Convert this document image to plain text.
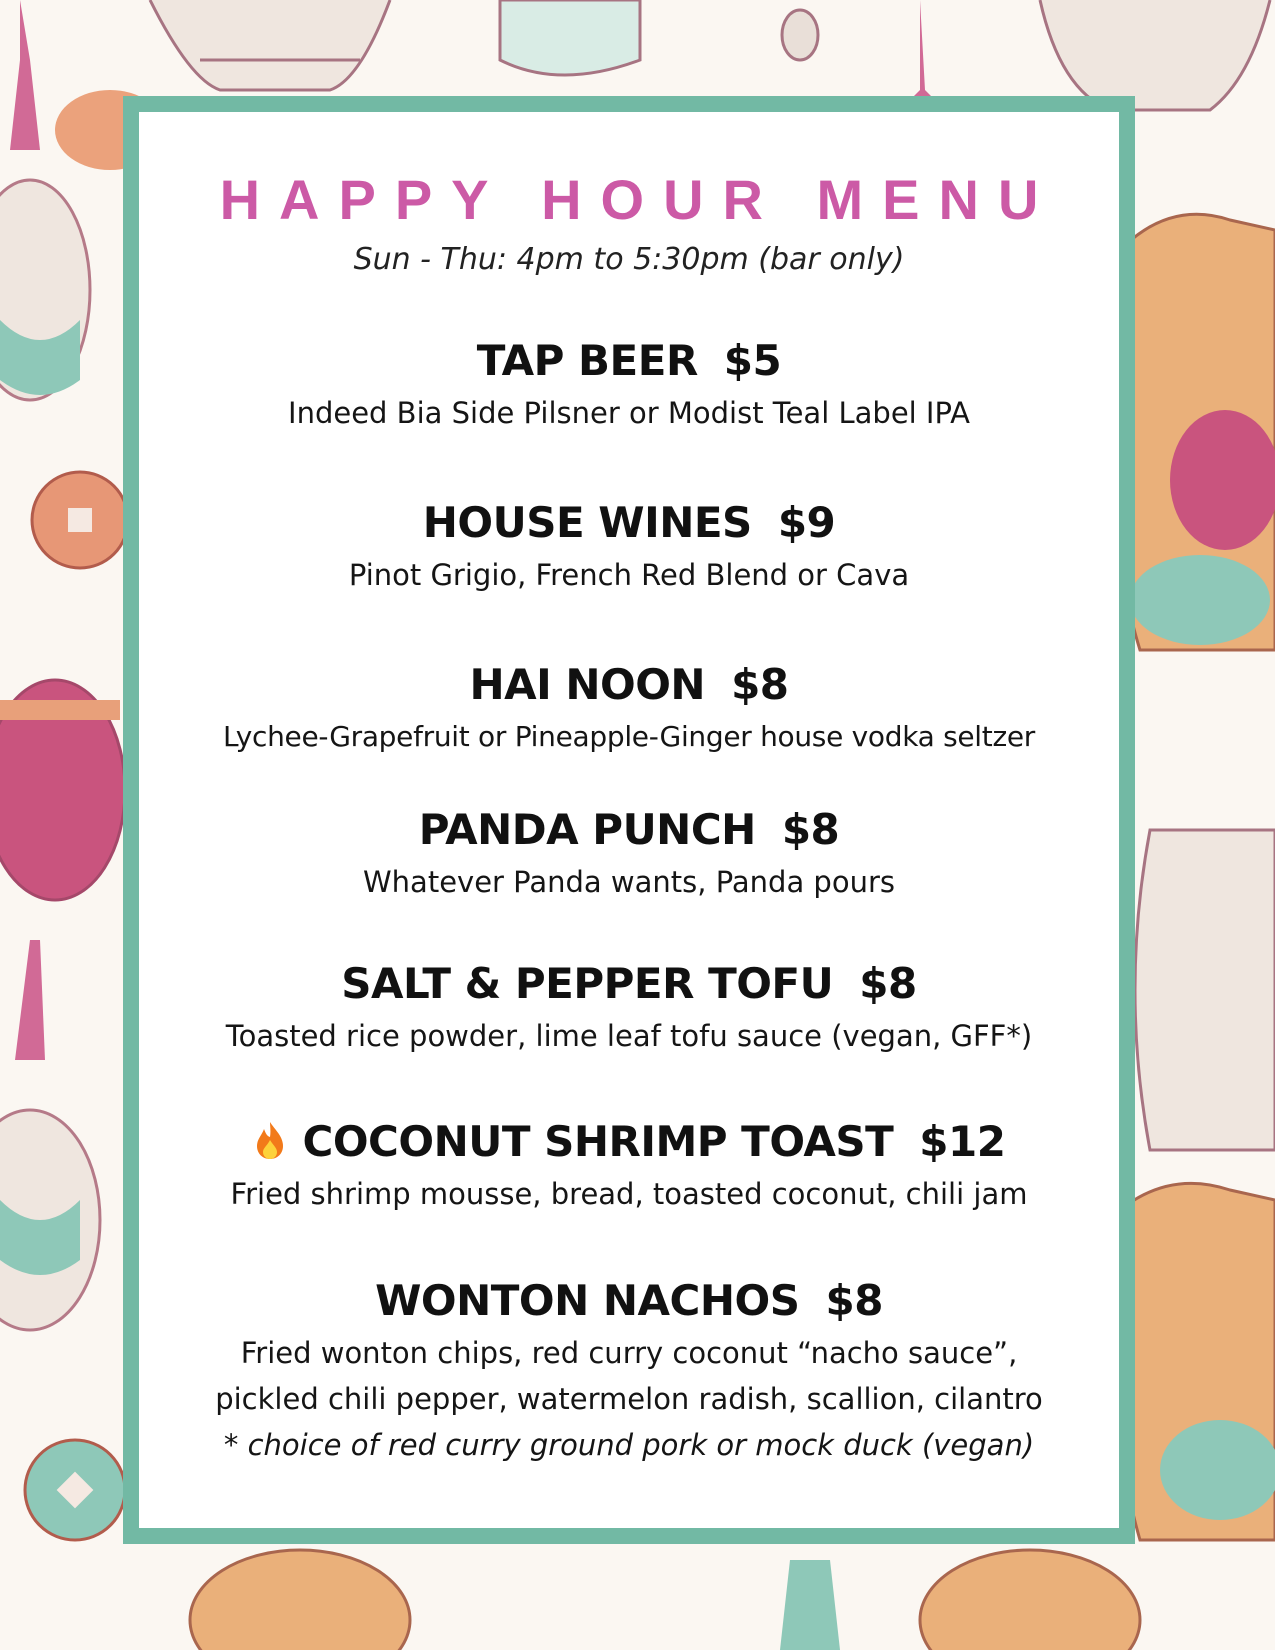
HAPPY HOUR MENU
Sun - Thu: 4pm to 5:30pm (bar only)
TAP BEER $5
Indeed Bia Side Pilsner or Modist Teal Label IPA
HOUSE WINES $9
Pinot Grigio, French Red Blend or Cava
HAI NOON $8
Lychee-Grapefruit or Pineapple-Ginger house vodka seltzer
PANDA PUNCH $8
Whatever Panda wants, Panda pours
SALT & PEPPER TOFU $8
Toasted rice powder, lime leaf tofu sauce (vegan, GFF*)
COCONUT SHRIMP TOAST $12
Fried shrimp mousse, bread, toasted coconut, chili jam
WONTON NACHOS $8
Fried wonton chips, red curry coconut “nacho sauce”,
pickled chili pepper, watermelon radish, scallion, cilantro
* choice of red curry ground pork or mock duck (vegan)
